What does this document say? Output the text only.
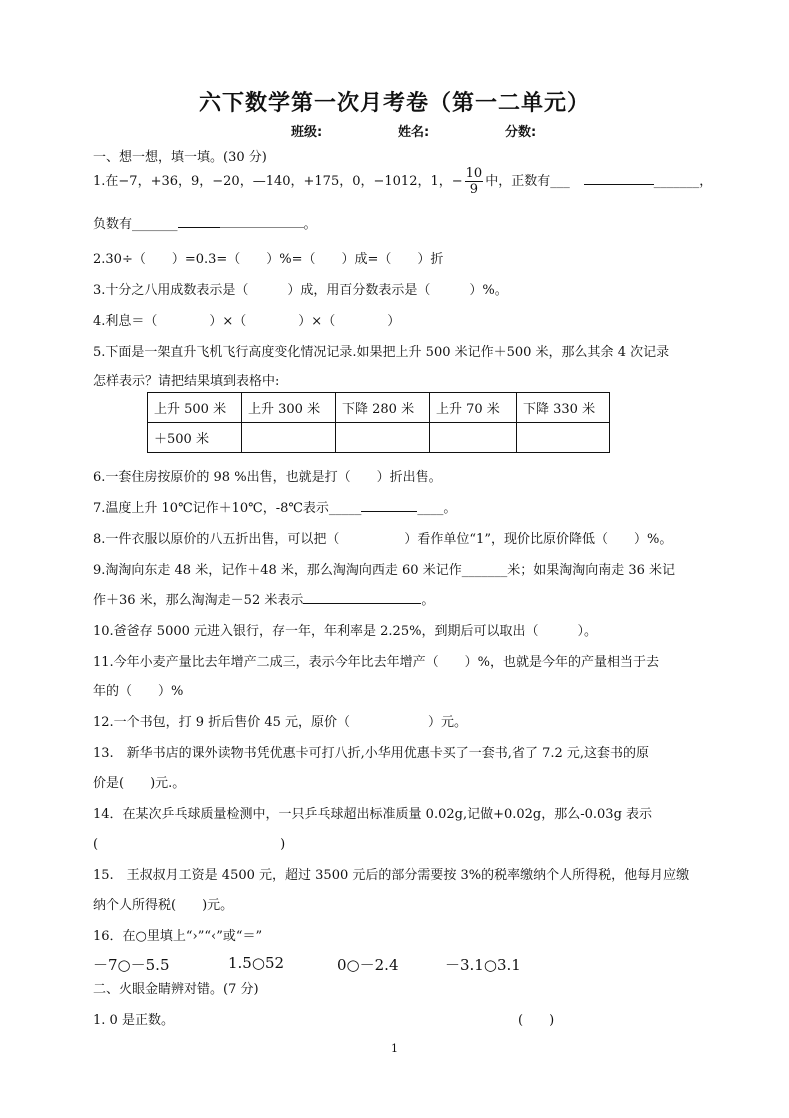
六下数学第一次月考卷（第一二单元）
班级:	姓名:	分数:
一、想一想，填一填。(30 分)
1.在−7，+36，9，−20，—140，+175，0，−1012，1，− $\frac{10}{9}$ 中，正数有___	_______，
负数有_______	。
2.30÷（　　）=0.3=（　　）%=（　　）成=（　　）折
3.十分之八用成数表示是（　　　）成，用百分数表示是（　　　）%。
4.利息＝（　　　　）×（　　　　）×（　　　　）
5.下面是一架直升飞机飞行高度变化情况记录.如果把上升 500 米记作＋500 米，那么其余 4 次记录
怎样表示？请把结果填到表格中:
上升 500 米	上升 300 米	下降 280 米	上升 70 米	下降 330 米
＋500 米				
6.一套住房按原价的 98 %出售，也就是打（　　）折出售。
7.温度上升 10℃记作＋10℃，-8℃表示_____	____。
8.一件衣服以原价的八五折出售，可以把（　　　　　）看作单位“1”，现价比原价降低（　　）%。
9.淘淘向东走 48 米，记作＋48 米，那么淘淘向西走 60 米记作_______米；如果淘淘向南走 36 米记
作＋36 米，那么淘淘走－52 米表示	。
10.爸爸存 5000 元进入银行，存一年，年利率是 2.25%，到期后可以取出（　　　）。
11.今年小麦产量比去年增产二成三，表示今年比去年增产（　　）%，也就是今年的产量相当于去
年的（　　）%
12.一个书包，打 9 折后售价 45 元，原价（　　　　　　）元。
13.　新华书店的课外读物书凭优惠卡可打八折,小华用优惠卡买了一套书,省了 7.2 元,这套书的原
价是(　　)元.。
14．在某次乒乓球质量检测中，一只乒乓球超出标准质量 0.02g,记做+0.02g，那么-0.03g 表示
(　　　　　　　　　　　　　　)
15.　王叔叔月工资是 4500 元，超过 3500 元后的部分需要按 3%的税率缴纳个人所得税，他每月应缴
纳个人所得税(　　)元。
16．在○里填上“›”“‹”或“＝”
－7○－5.5	1.5○52	0○－2.4	－3.1○3.1
二、火眼金睛辨对错。(7 分)
1. 0 是正数。	(　　)
1
